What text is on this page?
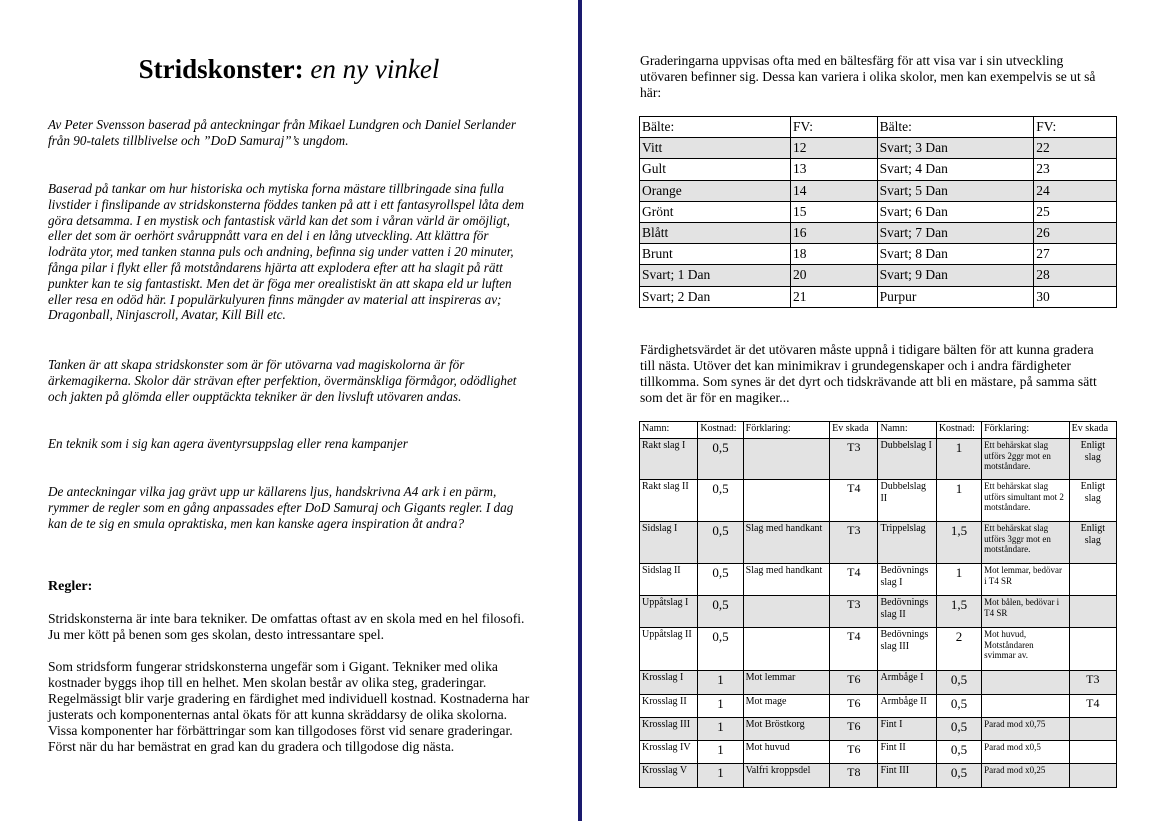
Stridskonster: en ny vinkel
Av Peter Svensson baserad på anteckningar från Mikael Lundgren och Daniel Serlander från 90-talets tillblivelse och ”DoD Samuraj”’s ungdom.
Baserad på tankar om hur historiska och mytiska forna mästare tillbringade sina fulla livstider i finslipande av stridskonsterna föddes tanken på att i ett fantasyrollspel låta dem göra detsamma. I en mystisk och fantastisk värld kan det som i våran värld är omöjligt, eller det som är oerhört svåruppnått vara en del i en lång utveckling. Att klättra för lodräta ytor, med tanken stanna puls och andning, befinna sig under vatten i 20 minuter, fånga pilar i flykt eller få motståndarens hjärta att explodera efter att ha slagit på rätt punkter kan te sig fantastiskt. Men det är föga mer orealistiskt än att skapa eld ur luften eller resa en odöd här. I populärkulyuren finns mängder av material att inspireras av; Dragonball, Ninjascroll, Avatar, Kill Bill etc.
Tanken är att skapa stridskonster som är för utövarna vad magiskolorna är för ärkemagikerna. Skolor där strävan efter perfektion, övermänskliga förmågor, odödlighet och jakten på glömda eller oupptäckta tekniker är den livsluft utövaren andas.
En teknik som i sig kan agera äventyrsuppslag eller rena kampanjer
De anteckningar vilka jag grävt upp ur källarens ljus, handskrivna A4 ark i en pärm, rymmer de regler som en gång anpassades efter DoD Samuraj och Gigants regler. I dag kan de te sig en smula opraktiska, men kan kanske agera inspiration åt andra?
Regler:
Stridskonsterna är inte bara tekniker. De omfattas oftast av en skola med en hel filosofi. Ju mer kött på benen som ges skolan, desto intressantare spel.
Som stridsform fungerar stridskonsterna ungefär som i Gigant. Tekniker med olika kostnader byggs ihop till en helhet. Men skolan består av olika steg, graderingar. Regelmässigt blir varje gradering en färdighet med individuell kostnad. Kostnaderna har justerats och komponenternas antal ökats för att kunna skräddarsy de olika skolorna. Vissa komponenter har förbättringar som kan tillgodoses först vid senare graderingar. Först när du har bemästrat en grad kan du gradera och tillgodose dig nästa.
Graderingarna uppvisas ofta med en bältesfärg för att visa var i sin utveckling utövaren befinner sig. Dessa kan variera i olika skolor, men kan exempelvis se ut så här:
Bälte:	FV:	Bälte:	FV:
Vitt	12	Svart; 3 Dan	22
Gult	13	Svart; 4 Dan	23
Orange	14	Svart; 5 Dan	24
Grönt	15	Svart; 6 Dan	25
Blått	16	Svart; 7 Dan	26
Brunt	18	Svart; 8 Dan	27
Svart; 1 Dan	20	Svart; 9 Dan	28
Svart; 2 Dan	21	Purpur	30
Färdighetsvärdet är det utövaren måste uppnå i tidigare bälten för att kunna gradera till nästa. Utöver det kan minimikrav i grundegenskaper och i andra färdigheter tillkomma. Som synes är det dyrt och tidskrävande att bli en mästare, på samma sätt som det är för en magiker...
Namn:	Kostnad:	Förklaring:	Ev skada	Namn:	Kostnad:	Förklaring:	Ev skada
Rakt slag I	0,5		T3	Dubbelslag I	1	Ett behärskat slag utförs 2ggr mot en motståndare.	Enligt slag
Rakt slag II	0,5		T4	Dubbelslag II	1	Ett behärskat slag utförs simultant mot 2 motståndare.	Enligt slag
Sidslag I	0,5	Slag med handkant	T3	Trippelslag	1,5	Ett behärskat slag utförs 3ggr mot en motståndare.	Enligt slag
Sidslag II	0,5	Slag med handkant	T4	Bedövnings slag I	1	Mot lemmar, bedövar i T4 SR	
Uppåtslag I	0,5		T3	Bedövnings slag II	1,5	Mot bålen, bedövar i T4 SR	
Uppåtslag II	0,5		T4	Bedövnings slag III	2	Mot huvud, Motståndaren svimmar av.	
Krosslag I	1	Mot lemmar	T6	Armbåge I	0,5		T3
Krosslag II	1	Mot mage	T6	Armbåge II	0,5		T4
Krosslag III	1	Mot Bröstkorg	T6	Fint I	0,5	Parad mod x0,75	
Krosslag IV	1	Mot huvud	T6	Fint II	0,5	Parad mod x0,5	
Krosslag V	1	Valfri kroppsdel	T8	Fint III	0,5	Parad mod x0,25	
